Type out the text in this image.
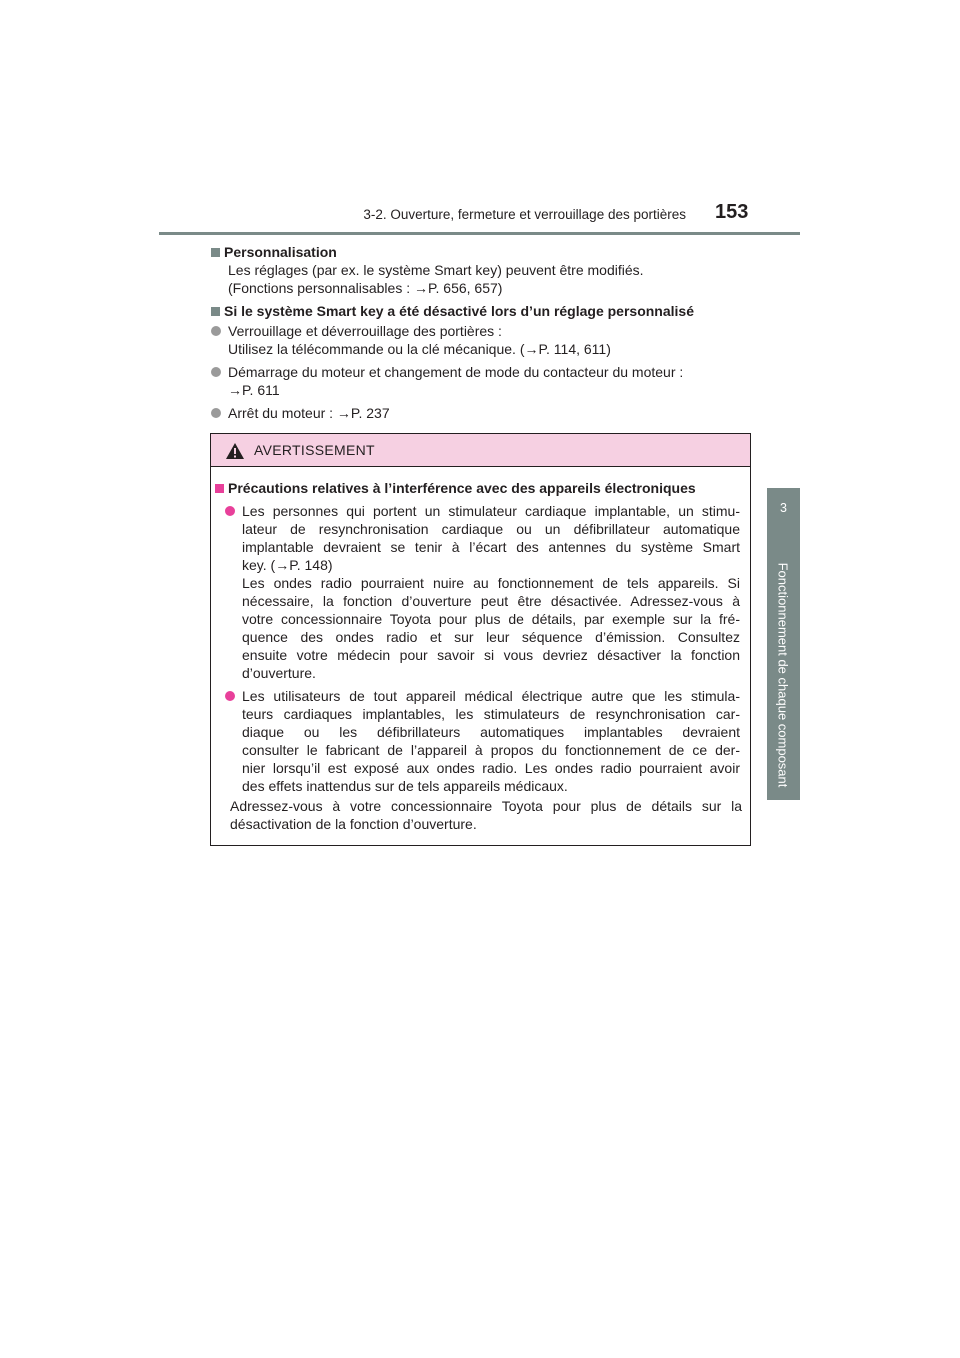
3-2. Ouverture, fermeture et verrouillage des portières 153
3
Fonctionnement de chaque composant
Personnalisation
Les réglages (par ex. le système Smart key) peuvent être modifiés.
(Fonctions personnalisables : →P. 656, 657)
Si le système Smart key a été désactivé lors d’un réglage personnalisé
Verrouillage et déverrouillage des portières :
Utilisez la télécommande ou la clé mécanique. (→P. 114, 611)
Démarrage du moteur et changement de mode du contacteur du moteur :
→P. 611
Arrêt du moteur : →P. 237
AVERTISSEMENT
Précautions relatives à l’interférence avec des appareils électroniques
Les personnes qui portent un stimulateur cardiaque implantable, un stimu-
lateur de resynchronisation cardiaque ou un défibrillateur automatique
implantable devraient se tenir à l’écart des antennes du système Smart
key. (→P. 148)
Les ondes radio pourraient nuire au fonctionnement de tels appareils. Si
nécessaire, la fonction d’ouverture peut être désactivée. Adressez-vous à
votre concessionnaire Toyota pour plus de détails, par exemple sur la fré-
quence des ondes radio et sur leur séquence d’émission. Consultez
ensuite votre médecin pour savoir si vous devriez désactiver la fonction
d’ouverture.
Les utilisateurs de tout appareil médical électrique autre que les stimula-
teurs cardiaques implantables, les stimulateurs de resynchronisation car-
diaque ou les défibrillateurs automatiques implantables devraient
consulter le fabricant de l’appareil à propos du fonctionnement de ce der-
nier lorsqu’il est exposé aux ondes radio. Les ondes radio pourraient avoir
des effets inattendus sur de tels appareils médicaux.
Adressez-vous à votre concessionnaire Toyota pour plus de détails sur la
désactivation de la fonction d’ouverture.
